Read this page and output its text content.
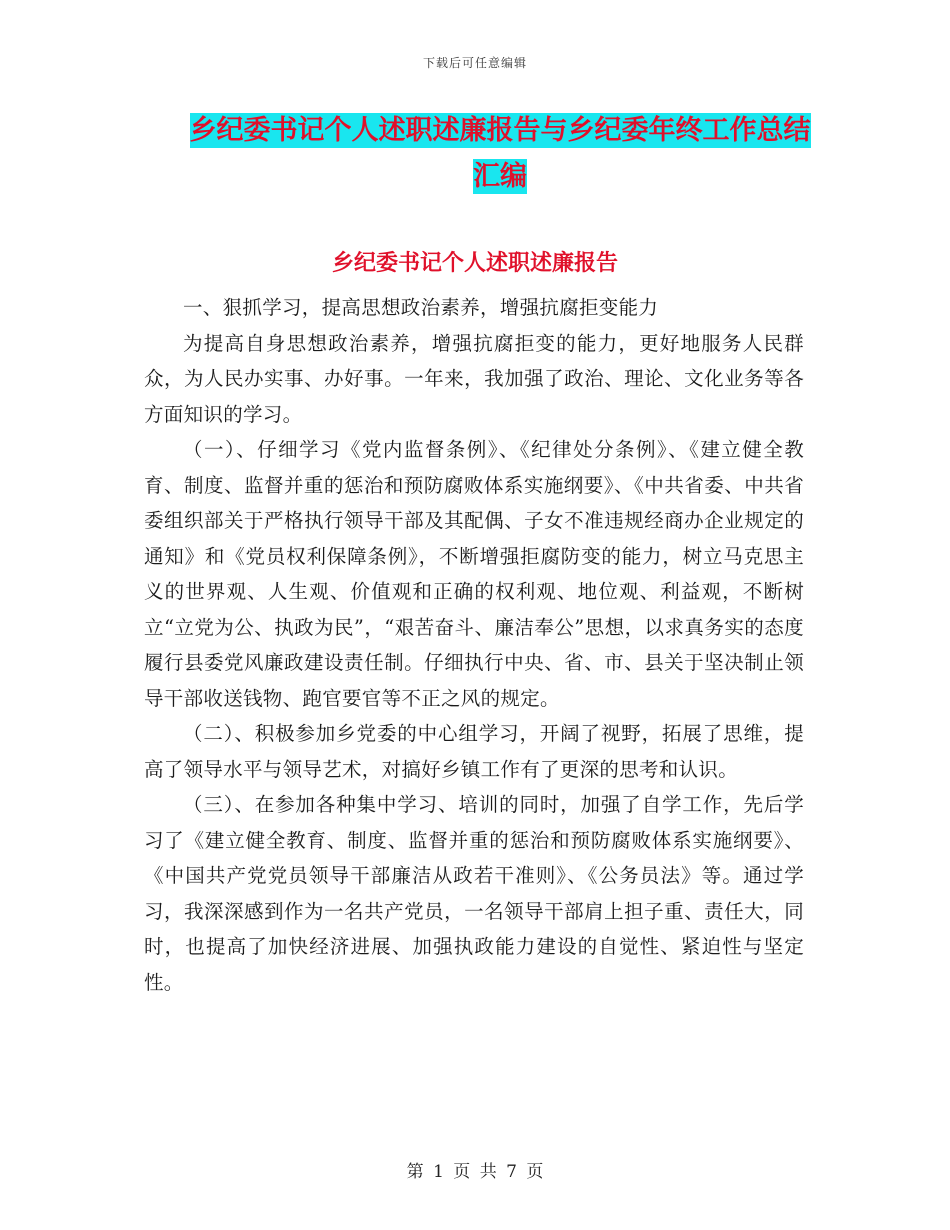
下载后可任意编辑
乡纪委书记个人述职述廉报告与乡纪委年终工作总结
汇编
乡纪委书记个人述职述廉报告

一、狠抓学习，提高思想政治素养，增强抗腐拒变能力

为提高自身思想政治素养，增强抗腐拒变的能力，更好地服务人民群众，为人民办实事、办好事。一年来，我加强了政治、理论、文化业务等各方面知识的学习。

（一）、仔细学习《党内监督条例》、《纪律处分条例》、《建立健全教育、制度、监督并重的惩治和预防腐败体系实施纲要》、《中共省委、中共省委组织部关于严格执行领导干部及其配偶、子女不准违规经商办企业规定的通知》和《党员权利保障条例》，不断增强拒腐防变的能力，树立马克思主义的世界观、人生观、价值观和正确的权利观、地位观、利益观，不断树立“立党为公、执政为民”，“艰苦奋斗、廉洁奉公”思想，以求真务实的态度履行县委党风廉政建设责任制。仔细执行中央、省、市、县关于坚决制止领导干部收送钱物、跑官要官等不正之风的规定。

（二）、积极参加乡党委的中心组学习，开阔了视野，拓展了思维，提高了领导水平与领导艺术，对搞好乡镇工作有了更深的思考和认识。

（三）、在参加各种集中学习、培训的同时，加强了自学工作，先后学习了《建立健全教育、制度、监督并重的惩治和预防腐败体系实施纲要》、《中国共产党党员领导干部廉洁从政若干准则》、《公务员法》等。通过学习，我深深感到作为一名共产党员，一名领导干部肩上担子重、责任大，同时，也提高了加快经济进展、加强执政能力建设的自觉性、紧迫性与坚定性。

第 1 页 共 7 页
